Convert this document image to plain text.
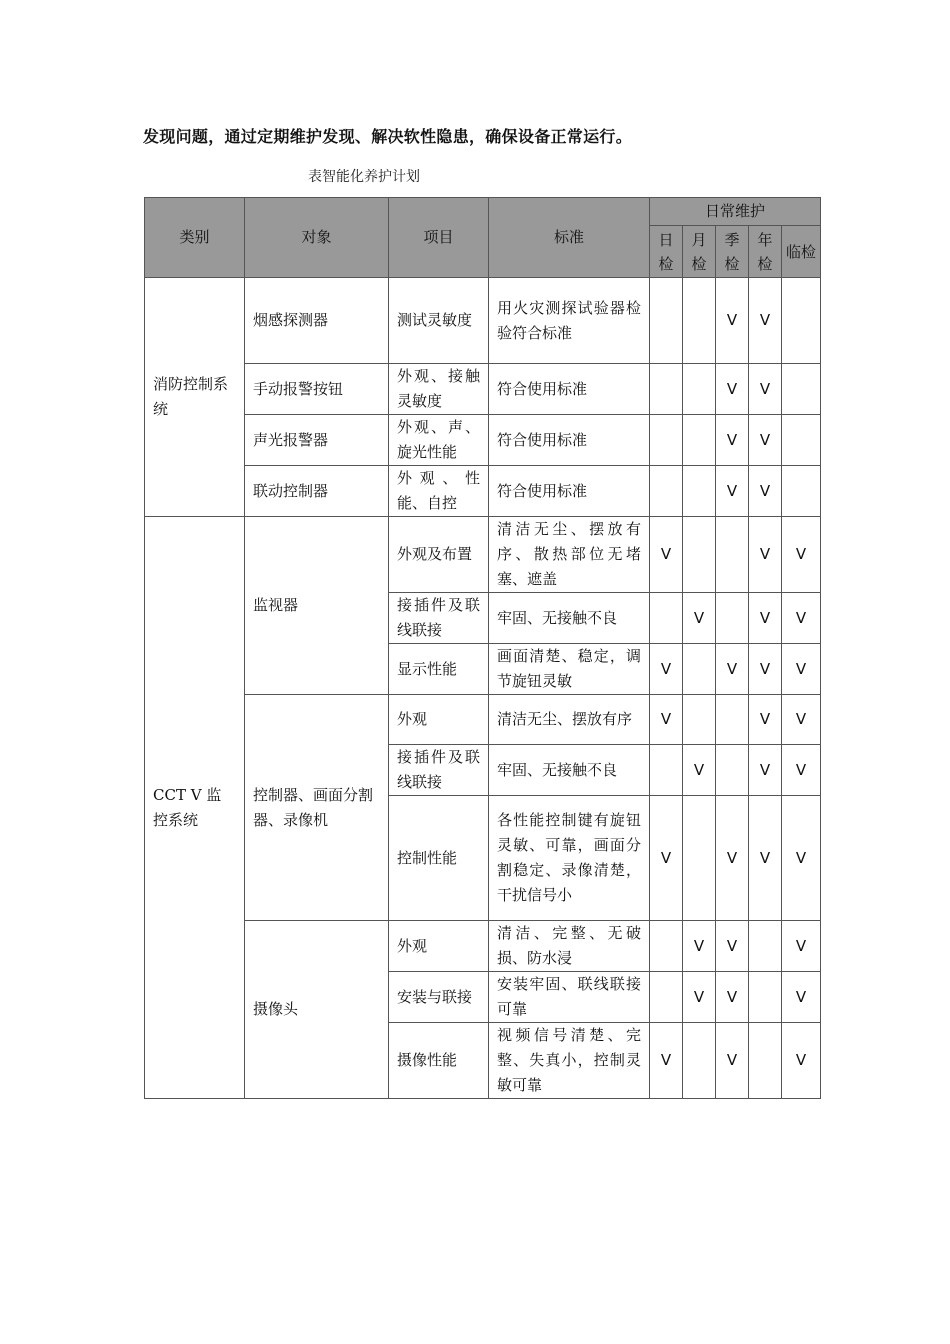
发现问题，通过定期维护发现、解决软性隐患，确保设备正常运行。
表智能化养护计划
类别	对象	项目	标准	日常维护				
				日检	月检	季检	年检	临检
消防控制系统	烟感探测器	测试灵敏度	用火灾测探试验器检验符合标准			V	V	
	手动报警按钮	外观、接触灵敏度	符合使用标准			V	V	
	声光报警器	外观、声、旋光性能	符合使用标准			V	V	
	联动控制器	外观、性能、自控	符合使用标准			V	V	
CCT V 监控系统	监视器	外观及布置	清洁无尘、摆放有序、散热部位无堵塞、遮盖	V			V	V
		接插件及联线联接	牢固、无接触不良		V		V	V
		显示性能	画面清楚、稳定，调节旋钮灵敏	V		V	V	V
	控制器、画面分割器、录像机	外观	清洁无尘、摆放有序	V			V	V
		接插件及联线联接	牢固、无接触不良		V		V	V
		控制性能	各性能控制键有旋钮灵敏、可靠，画面分割稳定、录像清楚，干扰信号小	V		V	V	V
	摄像头	外观	清洁、完整、无破损、防水浸		V	V		V
		安装与联接	安装牢固、联线联接可靠		V	V		V
		摄像性能	视频信号清楚、完整、失真小，控制灵敏可靠	V		V		V
